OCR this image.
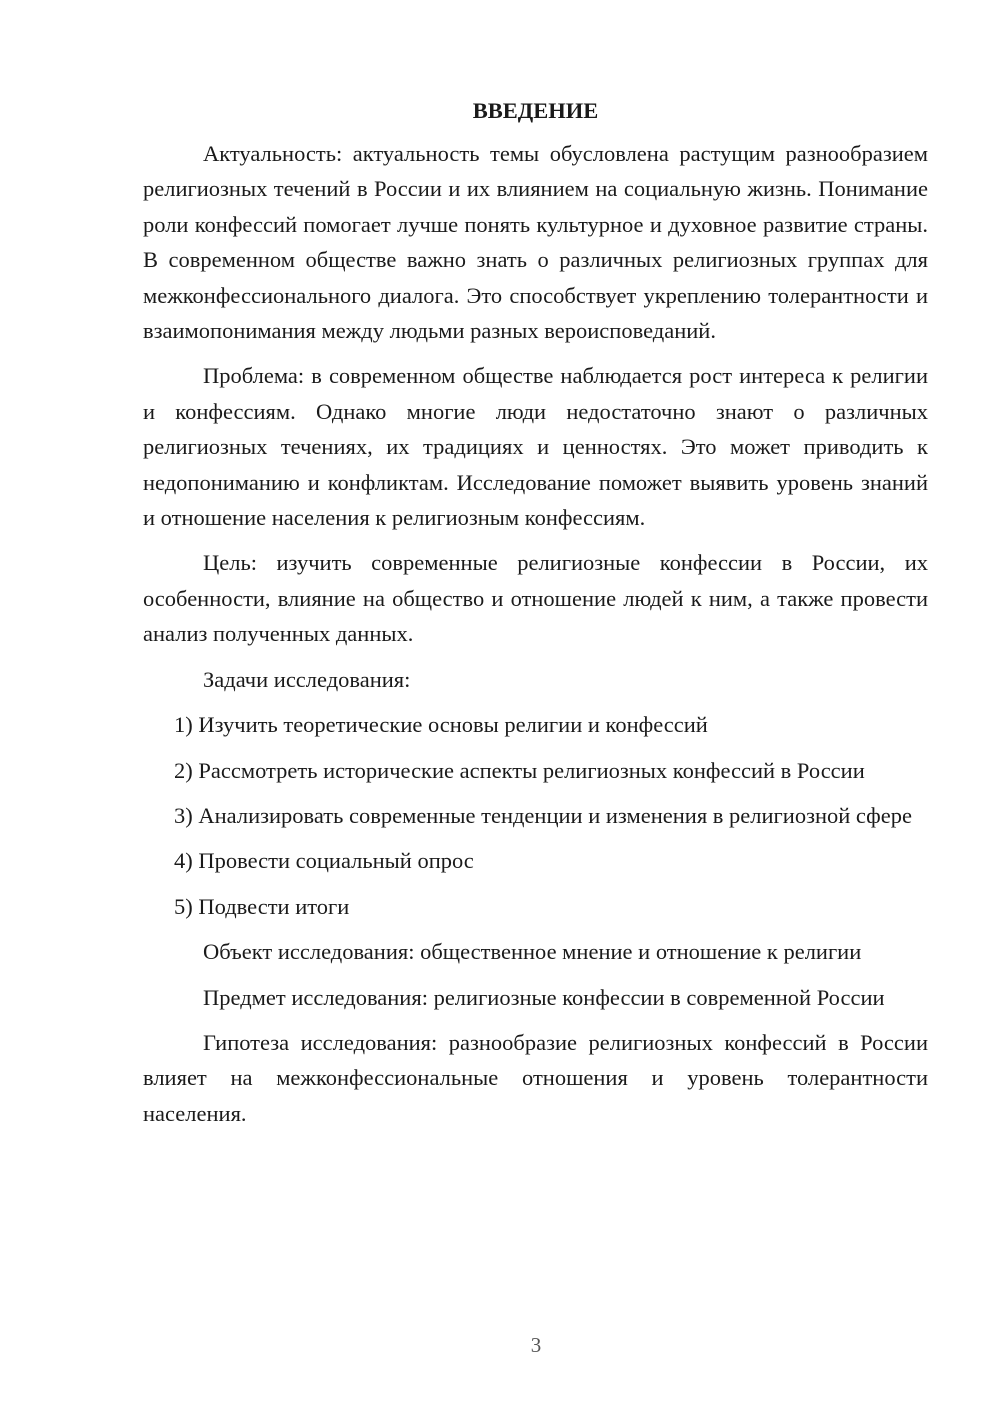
ВВЕДЕНИЕ

Актуальность: актуальность темы обусловлена растущим разнообразием религиозных течений в России и их влиянием на социальную жизнь. Понимание роли конфессий помогает лучше понять культурное и духовное развитие страны. В современном обществе важно знать о различных религиозных группах для межконфессионального диалога. Это способствует укреплению толерантности и взаимопонимания между людьми разных вероисповеданий.

Проблема: в современном обществе наблюдается рост интереса к религии и конфессиям. Однако многие люди недостаточно знают о различных религиозных течениях, их традициях и ценностях. Это может приводить к недопониманию и конфликтам. Исследование поможет выявить уровень знаний и отношение населения к религиозным конфессиям.

Цель: изучить современные религиозные конфессии в России, их особенности, влияние на общество и отношение людей к ним, а также провести анализ полученных данных.

Задачи исследования:

1) Изучить теоретические основы религии и конфессий

2) Рассмотреть исторические аспекты религиозных конфессий в России

3) Анализировать современные тенденции и изменения в религиозной сфере

4) Провести социальный опрос

5) Подвести итоги

Объект исследования: общественное мнение и отношение к религии

Предмет исследования: религиозные конфессии в современной России

Гипотеза исследования: разнообразие религиозных конфессий в России влияет на межконфессиональные отношения и уровень толерантности населения.

3
